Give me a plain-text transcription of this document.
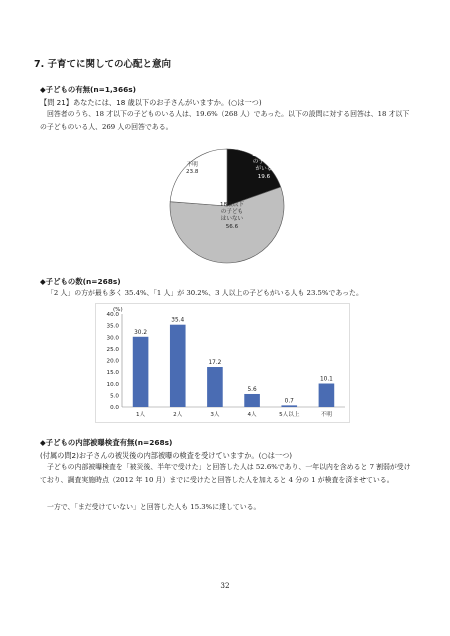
7. 子育てに関しての心配と意向
◆子どもの有無(n=1,366s)
【問 21】あなたには、18 歳以下のお子さんがいますか。(○は一つ)
回答者のうち、18 才以下の子どものいる人は、19.6%（268 人）であった。以下の設問に対する回答は、18 才以下の子どものいる人、269 人の回答である。
◆子どもの数(n=268s)
「2 人」の方が最も多く 35.4%、「1 人」が 30.2%、3 人以上の子どもがいる人も 23.5%であった。
(%)
0.0
5.0
10.0
15.0
20.0
25.0
30.0
35.0
40.0
30.2
1人
35.4
2人
17.2
3人
5.6
4人
0.7
5人以上
10.1
不明
◆子どもの内部被曝検査有無(n=268s)
(付属の問2)お子さんの被災後の内部被曝の検査を受けていますか。(○は一つ)
子どもの内部被曝検査を「被災後、半年で受けた」と回答した人は 52.6%であり、一年以内を含めると 7 割弱が受けており、調査実施時点（2012 年 10 月）までに受けたと回答した人を加えると 4 分の 1 が検査を済ませている。
一方で、「まだ受けていない」と回答した人も 15.3%に達している。
32
18歳以下
の子ども
がいる
19.6
18歳以下
の子ども
はいない
56.6
不明
23.8
